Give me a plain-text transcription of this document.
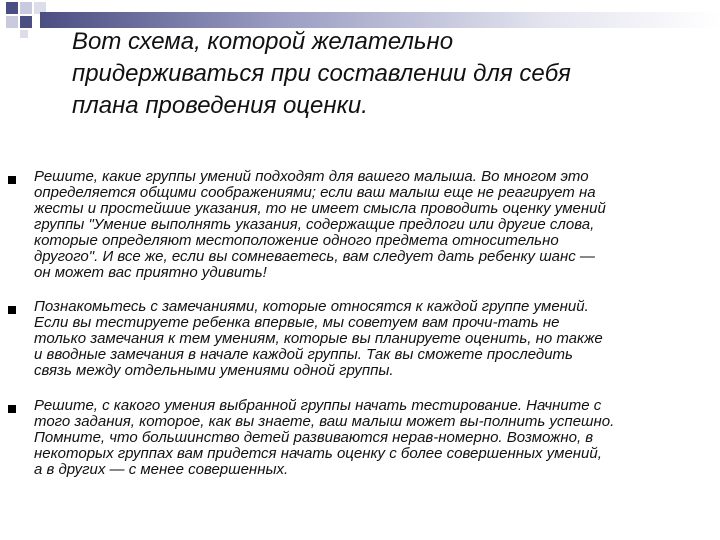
Вот схема, которой желательно
придерживаться при составлении для себя
плана проведения оценки.
Решите, какие группы умений подходят для вашего малыша. Во многом это
определяется общими соображениями; если ваш малыш еще не реагирует на
жесты и простейшие указания, то не имеет смысла проводить оценку умений
группы "Умение выполнять указания, содержащие предлоги или другие слова,
которые определяют местоположение одного предмета относительно
другого". И все же, если вы сомневаетесь, вам следует дать ребенку шанс —
он может вас приятно удивить!
Познакомьтесь с замечаниями, которые относятся к каждой группе умений.
Если вы тестируете ребенка впервые, мы советуем вам прочи-тать не
только замечания к тем умениям, которые вы планируете оценить, но также
и вводные замечания в начале каждой группы. Так вы сможете проследить
связь между отдельными умениями одной группы.
Решите, с какого умения выбранной группы начать тестирование. Начните с
того задания, которое, как вы знаете, ваш малыш может вы-полнить успешно.
Помните, что большинство детей развиваются нерав-номерно. Возможно, в
некоторых группах вам придется начать оценку с более совершенных умений,
а в других — с менее совершенных.
